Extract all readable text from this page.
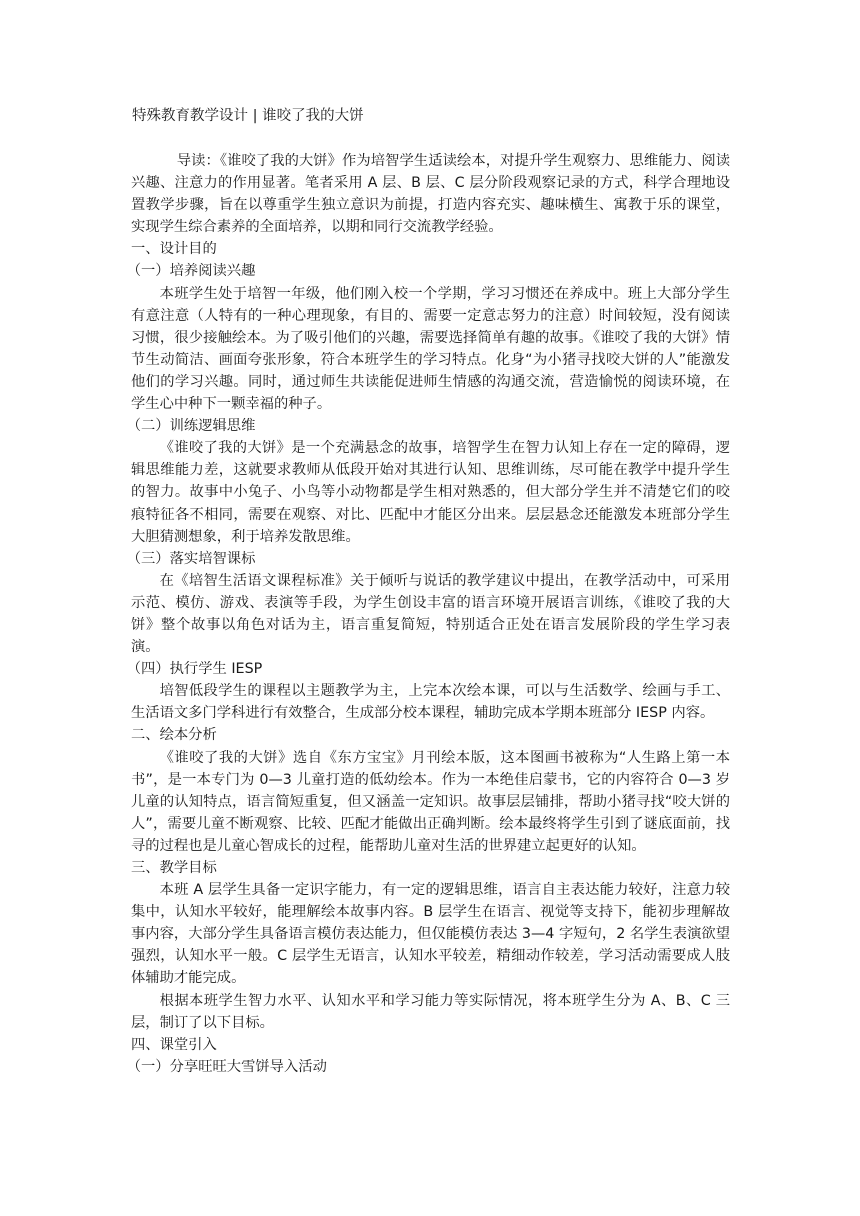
特殊教育教学设计 | 谁咬了我的大饼

导读：《谁咬了我的大饼》作为培智学生适读绘本，对提升学生观察力、思维能力、阅读兴趣、注意力的作用显著。笔者采用 A 层、B 层、C 层分阶段观察记录的方式，科学合理地设置教学步骤，旨在以尊重学生独立意识为前提，打造内容充实、趣味横生、寓教于乐的课堂，实现学生综合素养的全面培养，以期和同行交流教学经验。

一、设计目的

（一）培养阅读兴趣

本班学生处于培智一年级，他们刚入校一个学期，学习习惯还在养成中。班上大部分学生有意注意（人特有的一种心理现象，有目的、需要一定意志努力的注意）时间较短，没有阅读习惯，很少接触绘本。为了吸引他们的兴趣，需要选择简单有趣的故事。《谁咬了我的大饼》情节生动简洁、画面夸张形象，符合本班学生的学习特点。化身“为小猪寻找咬大饼的人”能激发他们的学习兴趣。同时，通过师生共读能促进师生情感的沟通交流，营造愉悦的阅读环境，在学生心中种下一颗幸福的种子。

（二）训练逻辑思维

《谁咬了我的大饼》是一个充满悬念的故事，培智学生在智力认知上存在一定的障碍，逻辑思维能力差，这就要求教师从低段开始对其进行认知、思维训练，尽可能在教学中提升学生的智力。故事中小兔子、小鸟等小动物都是学生相对熟悉的，但大部分学生并不清楚它们的咬痕特征各不相同，需要在观察、对比、匹配中才能区分出来。层层悬念还能激发本班部分学生大胆猜测想象，利于培养发散思维。

（三）落实培智课标

在《培智生活语文课程标准》关于倾听与说话的教学建议中提出，在教学活动中，可采用示范、模仿、游戏、表演等手段，为学生创设丰富的语言环境开展语言训练，《谁咬了我的大饼》整个故事以角色对话为主，语言重复简短，特别适合正处在语言发展阶段的学生学习表演。

（四）执行学生 IESP

培智低段学生的课程以主题教学为主，上完本次绘本课，可以与生活数学、绘画与手工、生活语文多门学科进行有效整合，生成部分校本课程，辅助完成本学期本班部分 IESP 内容。

二、绘本分析

《谁咬了我的大饼》选自《东方宝宝》月刊绘本版，这本图画书被称为“人生路上第一本书”，是一本专门为 0—3 儿童打造的低幼绘本。作为一本绝佳启蒙书，它的内容符合 0—3 岁儿童的认知特点，语言简短重复，但又涵盖一定知识。故事层层铺排，帮助小猪寻找“咬大饼的人”，需要儿童不断观察、比较、匹配才能做出正确判断。绘本最终将学生引到了谜底面前，找寻的过程也是儿童心智成长的过程，能帮助儿童对生活的世界建立起更好的认知。

三、教学目标

本班 A 层学生具备一定识字能力，有一定的逻辑思维，语言自主表达能力较好，注意力较集中，认知水平较好，能理解绘本故事内容。B 层学生在语言、视觉等支持下，能初步理解故事内容，大部分学生具备语言模仿表达能力，但仅能模仿表达 3—4 字短句，2 名学生表演欲望强烈，认知水平一般。C 层学生无语言，认知水平较差，精细动作较差，学习活动需要成人肢体辅助才能完成。

根据本班学生智力水平、认知水平和学习能力等实际情况，将本班学生分为 A、B、C 三层，制订了以下目标。

四、课堂引入

（一）分享旺旺大雪饼导入活动
